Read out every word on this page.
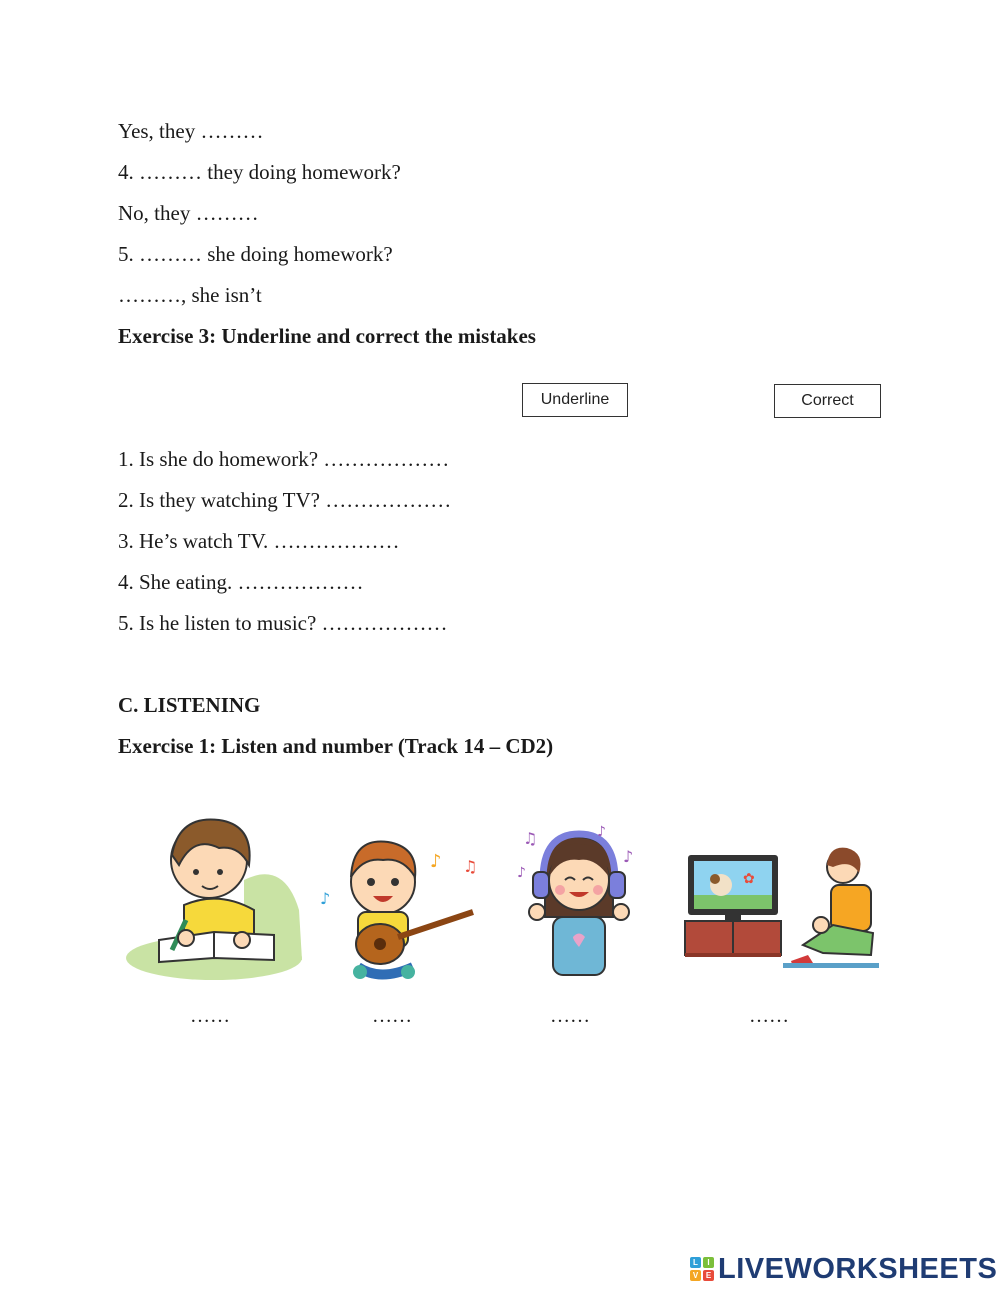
Yes, they ………
4. ……… they doing homework?
No, they ………
5. ……… she doing homework?
………, she isn’t
Exercise 3: Underline and correct the mistakes
Underline	Correct
1. Is she do homework? ………………
2. Is they watching TV? ………………
3. He’s watch TV. ………………
4. She eating. ………………
5. Is he listen to music? ………………
C. LISTENING
Exercise 1: Listen and number (Track 14 – CD2)
♪ ♫
♪
♫	♪
♪
♪	✿
……	……	……	……
L	I
V E LIVEWORKSHEETS
